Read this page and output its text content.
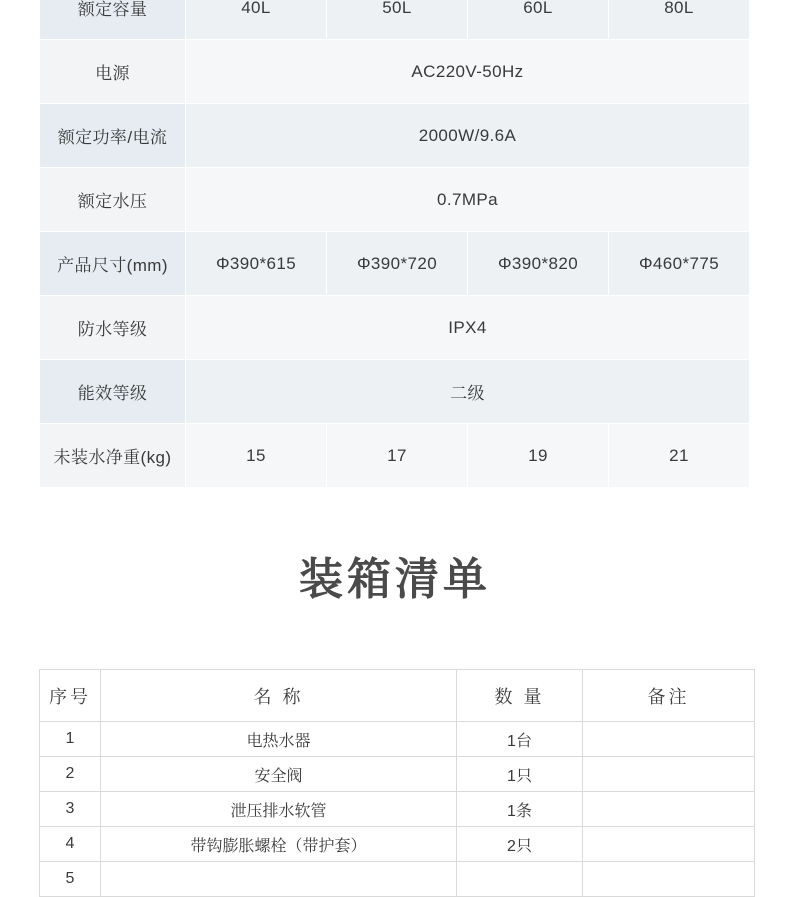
额定容量	40L	50L	60L	80L
电源	AC220V-50Hz			
额定功率/电流	2000W/9.6A			
额定水压	0.7MPa			
产品尺寸(mm)	Φ390*615	Φ390*720	Φ390*820	Φ460*775
防水等级	IPX4			
能效等级	二级			
未装水净重(kg)	15	17	19	21
装箱清单
序号	名 称	数 量	备注
1	电热水器	1台	
2	安全阀	1只	
3	泄压排水软管	1条	
4	带钩膨胀螺栓（带护套）	2只	
5			
